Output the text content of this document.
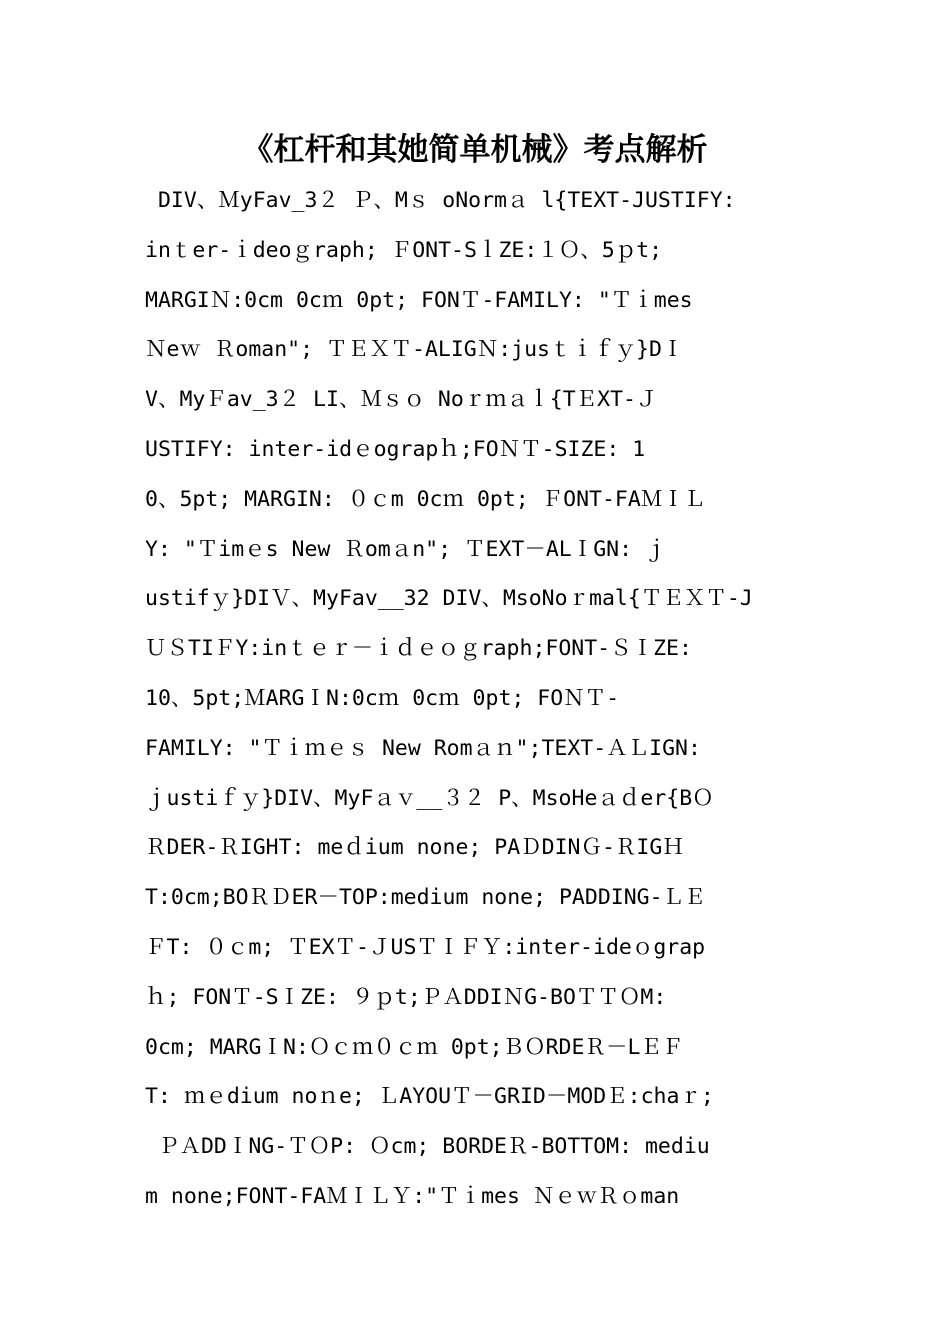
《杠杆和其她简单机械》考点解析
DIV、ＭyFav_3２ Ｐ、Mｓ oNormａ l{TEXT-JUSTIFY:
inｔer-ｉdeoｇraph; ＦONT-SｌZE:１Ｏ、5ｐt;
MARGIＮ:0cm 0cｍ 0pt; FONＴ-FAMILY: "Ｔｉmes
Ｎeｗ Ｒoman"; ＴＥＸＴ-ALIGＮ:jusｔｉｆｙ}DＩ
V、MyＦav_3２ LI、Ｍｓｏ Noｒｍａｌ{TＥXT-Ｊ
USTIFY: inter-idｅograpｈ;FOＮＴ-SIZE: 1
0、5pt; MARGIN: ０ｃm 0cｍ 0pt; ＦONT-FAＭＩＬ
Y: "Ｔimｅs New Ｒomａn"; ＴEXT－ALＩGN: ｊ
ustifｙ}DIＶ、MyFav__32 DIV、MsoNoｒmal{ＴＥＸＴ-J
ＵＳTIＦY:inｔｅｒ－ｉｄｅｏｇraph;FONT-ＳＩZE:
10、5pt;ＭARGＩN:0cｍ 0cｍ 0pt; FOＮＴ-
FAMILY: "Ｔｉｍｅｓ New Romａｎ";TEXT-ＡＬIGN:
ｊustiｆｙ}DIV、MyFａｖ__３２ P、MsoHeａｄer{BＯ
ＲDER-ＲIGHT: meｄium none; PAＤDINＧ-ＲIGＨ
T:0cm;BOＲＤER－TOP:medium none; PADDING-ＬＥ
ＦT: ０ｃm; ＴEXＴ-ＪUSＴＩＦＹ:inter-ideｏgrap
ｈ; FONＴ-SＩZE: ９ｐt;ＰＡDDIＮG-BOＴＴＯM:
0cm; MARGＩN:Ｏｃｍ０ｃｍ 0pt;ＢＯRDEＲ－LＥＦ
T: ｍｅdium noｎe; ＬAYOUＴ－GRID－MODＥ:chaｒ;
ＰＡDDＩNG-ＴＯP: Ｏcm; BORDEＲ-BOTTOM: mediu
m none;FONT-FAＭＩＬＹ:"Ｔｉmes ＮｅｗＲｏman
